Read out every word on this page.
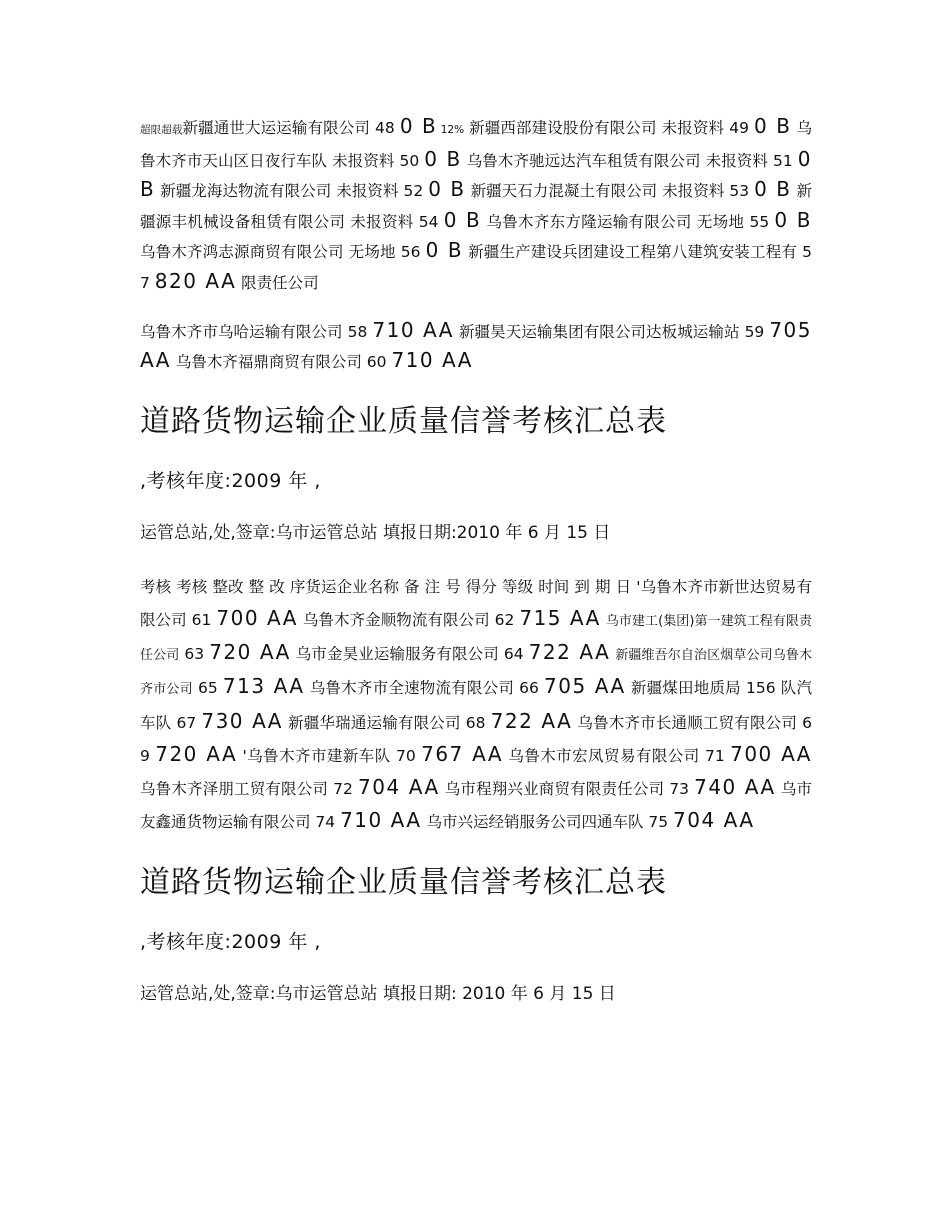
超限超载新疆通世大运运输有限公司 48 0 B 12% 新疆西部建设股份有限公司 未报资料 49 0 B 乌鲁木齐市天山区日夜行车队 未报资料 50 0 B 乌鲁木齐驰远达汽车租赁有限公司 未报资料 51 0 B 新疆龙海达物流有限公司 未报资料 52 0 B 新疆天石力混凝土有限公司 未报资料 53 0 B 新疆源丰机械设备租赁有限公司 未报资料 54 0 B 乌鲁木齐东方隆运输有限公司 无场地 55 0 B 乌鲁木齐鸿志源商贸有限公司 无场地 56 0 B 新疆生产建设兵团建设工程第八建筑安装工程有 57 820 AA 限责任公司

乌鲁木齐市乌哈运输有限公司 58 710 AA 新疆昊天运输集团有限公司达板城运输站 59 705 AA 乌鲁木齐福鼎商贸有限公司 60 710 AA

道路货物运输企业质量信誉考核汇总表

,考核年度:2009 年 ,

运管总站,处,签章:乌市运管总站 填报日期:2010 年 6 月 15 日

考核 考核 整改 整 改 序货运企业名称 备 注 号 得分 等级 时间 到 期 日 '乌鲁木齐市新世达贸易有限公司 61 700 AA 乌鲁木齐金顺物流有限公司 62 715 AA 乌市建工(集团)第一建筑工程有限责任公司 63 720 AA 乌市金昊业运输服务有限公司 64 722 AA 新疆维吾尔自治区烟草公司乌鲁木齐市公司 65 713 AA 乌鲁木齐市全速物流有限公司 66 705 AA 新疆煤田地质局 156 队汽车队 67 730 AA 新疆华瑞通运输有限公司 68 722 AA 乌鲁木齐市长通顺工贸有限公司 69 720 AA '乌鲁木齐市建新车队 70 767 AA 乌鲁木市宏凤贸易有限公司 71 700 AA 乌鲁木齐泽朋工贸有限公司 72 704 AA 乌市程翔兴业商贸有限责任公司 73 740 AA 乌市友鑫通货物运输有限公司 74 710 AA 乌市兴运经销服务公司四通车队 75 704 AA

道路货物运输企业质量信誉考核汇总表

,考核年度:2009 年 ,

运管总站,处,签章:乌市运管总站 填报日期: 2010 年 6 月 15 日
